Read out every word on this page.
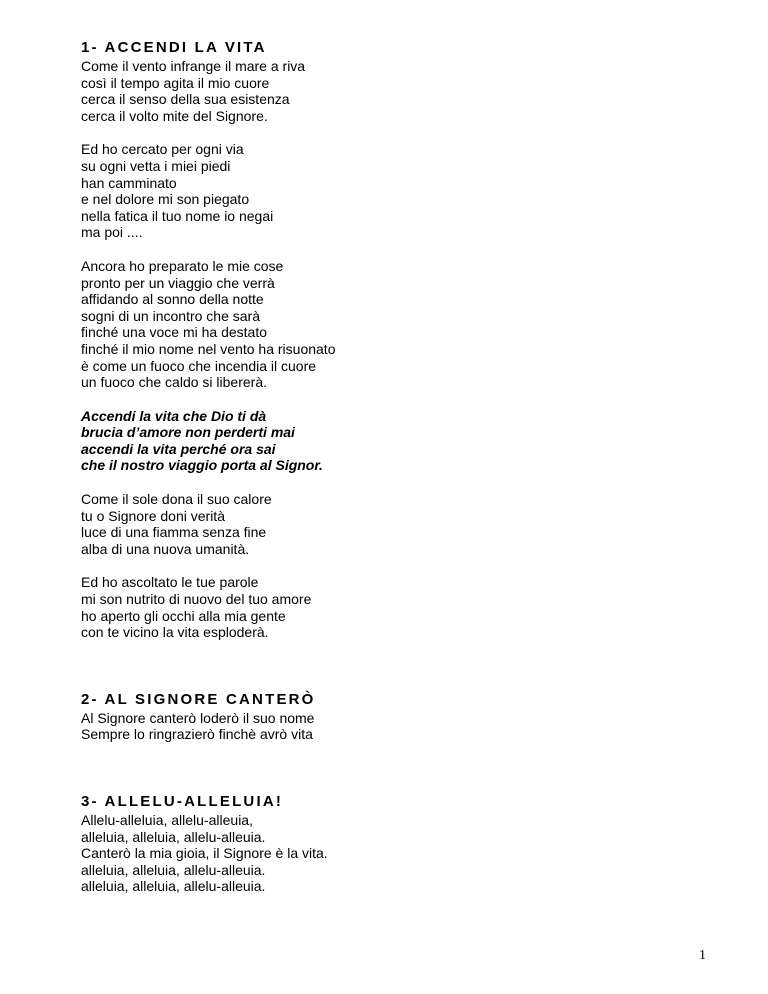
1- ACCENDI LA VITA

Come il vento infrange il mare a riva
così il tempo agita il mio cuore
cerca il senso della sua esistenza
cerca il volto mite del Signore.

Ed ho cercato per ogni via
su ogni vetta i miei piedi
han camminato
e nel dolore mi son piegato
nella fatica il tuo nome io negai
ma poi ....

Ancora ho preparato le mie cose
pronto per un viaggio che verrà
affidando al sonno della notte
sogni di un incontro che sarà
finché una voce mi ha destato
finché il mio nome nel vento ha risuonato
è come un fuoco che incendia il cuore
un fuoco che caldo si libererà.

Accendi la vita che Dio ti dà
brucia d’amore non perderti mai
accendi la vita perché ora sai
che il nostro viaggio porta al Signor.

Come il sole dona il suo calore
tu o Signore doni verità
luce di una fiamma senza fine
alba di una nuova umanità.

Ed ho ascoltato le tue parole
mi son nutrito di nuovo del tuo amore
ho aperto gli occhi alla mia gente
con te vicino la vita esploderà.

2- AL SIGNORE CANTERÒ

Al Signore canterò loderò il suo nome
Sempre lo ringrazierò finchè avrò vita

3- ALLELU-ALLELUIA!

Allelu-alleluia, allelu-alleuia,
alleluia, alleluia, allelu-alleuia.
Canterò la mia gioia, il Signore è la vita.
alleluia, alleluia, allelu-alleuia.
alleluia, alleluia, allelu-alleuia.

1
